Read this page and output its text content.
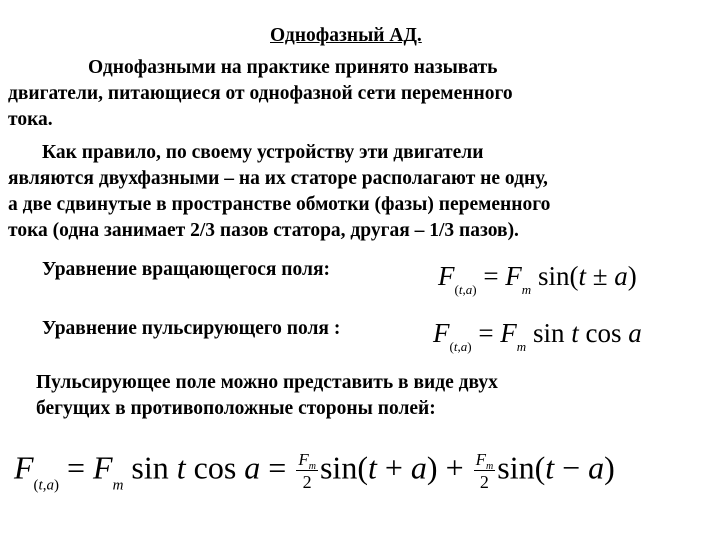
Однофазный АД.
Однофазными на практике принято называть
двигатели, питающиеся от однофазной сети переменного
тока.
Как правило, по своему устройству эти двигатели
являются двухфазными – на их статоре располагают не одну,
а две сдвинутые в пространстве обмотки (фазы) переменного
тока (одна занимает 2/3 пазов статора, другая – 1/3 пазов).
Уравнение вращающегося поля:	$F_{(t,a)} = F_m$ sin(t ± a)
Уравнение пульсирующего поля :	$F_{(t,a)} = F_m$ sin t cos a
Пульсирующее поле можно представить в виде двух
бегущих в противоположные стороны полей:
$F_{(t,a)} = F_m$ sin t $\cos a = \frac{F_m}{2} \sin(t + a) + \frac{F_m}{2} \sin(t - a)$
